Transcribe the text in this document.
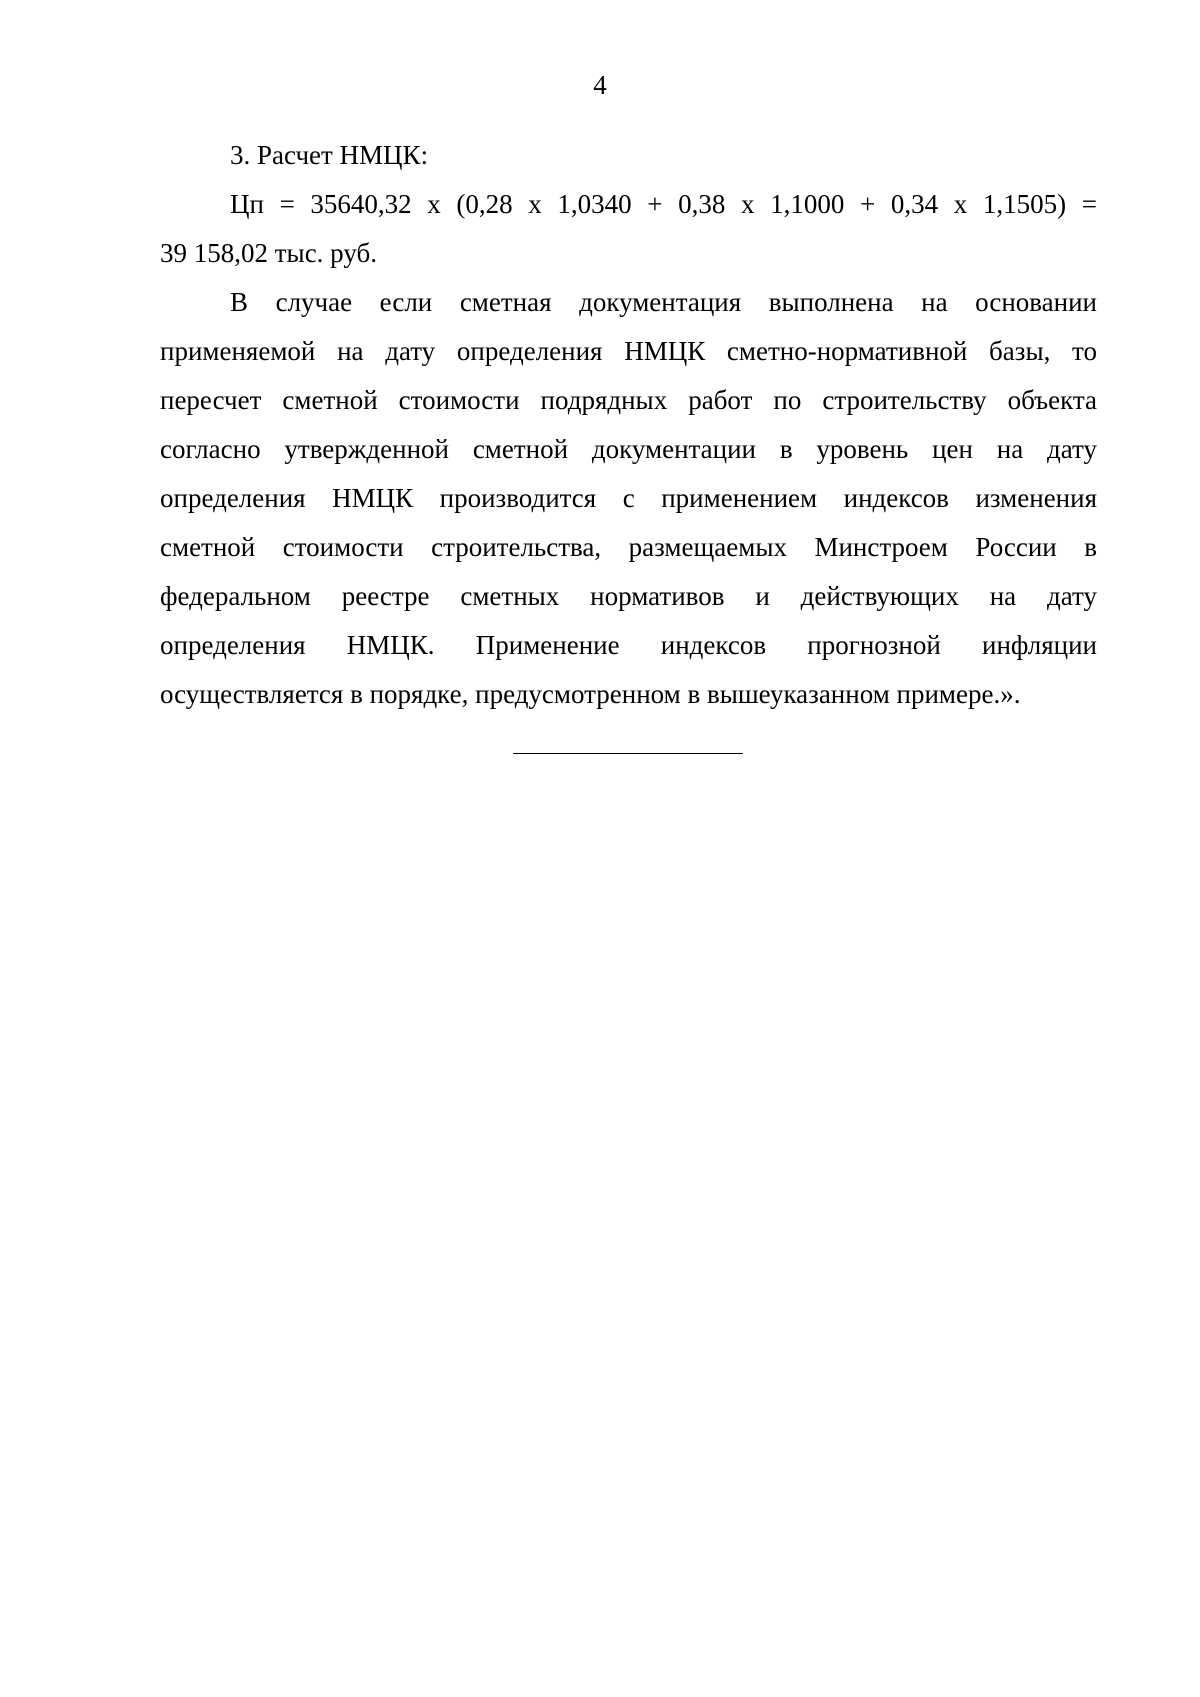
4
3. Расчет НМЦК:
Цп = 35640,32 х (0,28 х 1,0340 + 0,38 х 1,1000 + 0,34 х 1,1505) =
39 158,02 тыс. руб.
В случае если сметная документация выполнена на основании
применяемой на дату определения НМЦК сметно-нормативной базы, то
пересчет сметной стоимости подрядных работ по строительству объекта
согласно утвержденной сметной документации в уровень цен на дату
определения НМЦК производится с применением индексов изменения
сметной стоимости строительства, размещаемых Минстроем России в
федеральном реестре сметных нормативов и действующих на дату
определения НМЦК. Применение индексов прогнозной инфляции
осуществляется в порядке, предусмотренном в вышеуказанном примере.».
